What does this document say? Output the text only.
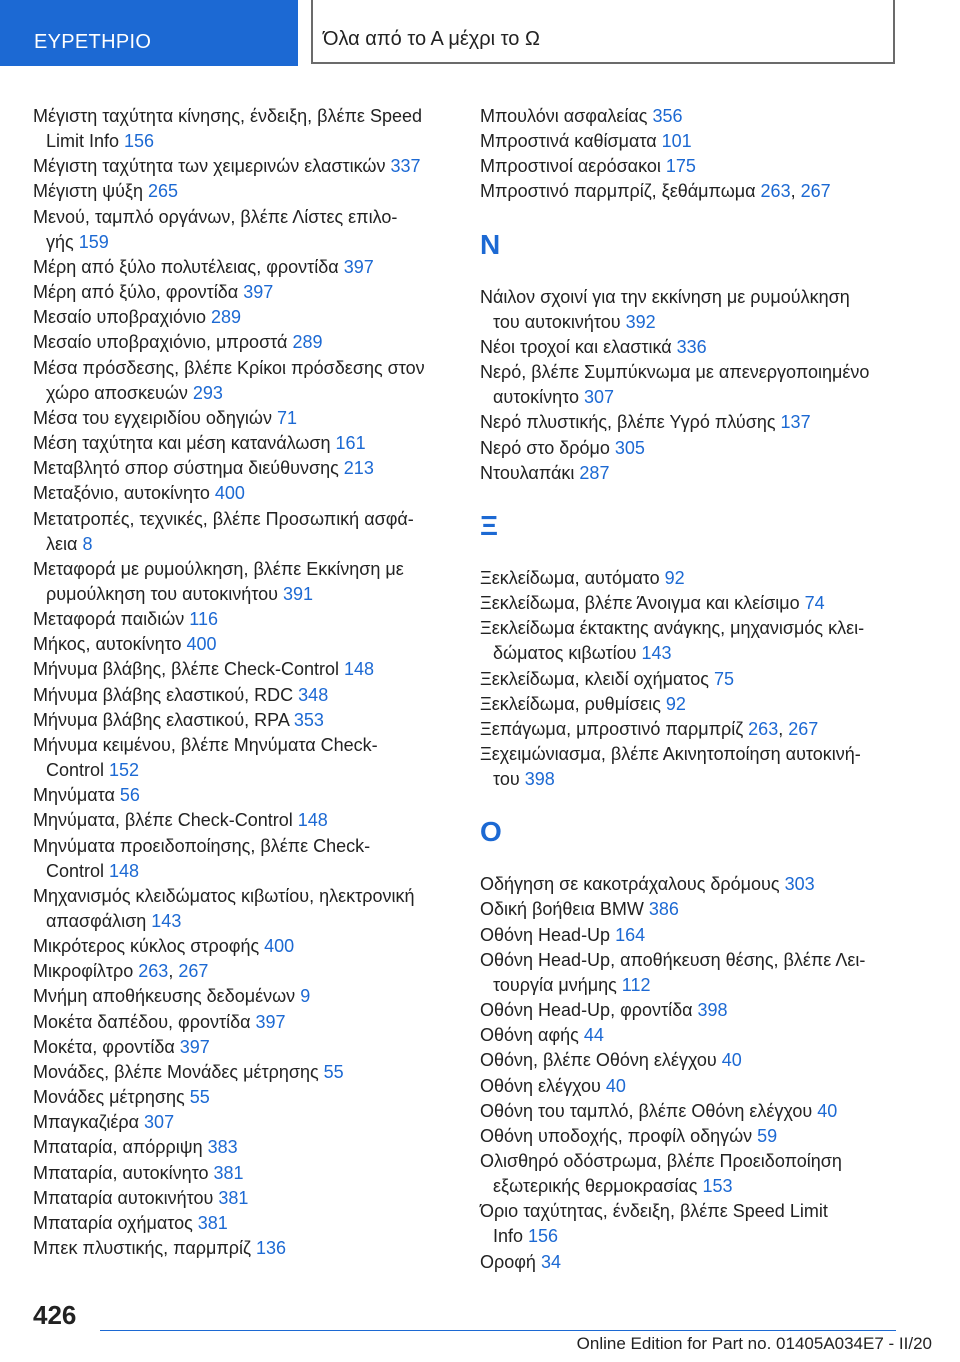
ΕΥΡΕΤΗΡΙΟ	Όλα από το Α μέχρι το Ω
Μέγιστη ταχύτητα κίνησης, ένδειξη, βλέπε Speed
Limit Info 156
Μέγιστη ταχύτητα των χειμερινών ελαστικών 337
Μέγιστη ψύξη 265
Μενού, ταμπλό οργάνων, βλέπε Λίστες επιλο-
γής 159
Μέρη από ξύλο πολυτέλειας, φροντίδα 397
Μέρη από ξύλο, φροντίδα 397
Μεσαίο υποβραχιόνιο 289
Μεσαίο υποβραχιόνιο, μπροστά 289
Μέσα πρόσδεσης, βλέπε Κρίκοι πρόσδεσης στον
χώρο αποσκευών 293
Μέσα του εγχειριδίου οδηγιών 71
Μέση ταχύτητα και μέση κατανάλωση 161
Μεταβλητό σπορ σύστημα διεύθυνσης 213
Μεταξόνιο, αυτοκίνητο 400
Μετατροπές, τεχνικές, βλέπε Προσωπική ασφά-
λεια 8
Μεταφορά με ρυμούλκηση, βλέπε Εκκίνηση με
ρυμούλκηση του αυτοκινήτου 391
Μεταφορά παιδιών 116
Μήκος, αυτοκίνητο 400
Μήνυμα βλάβης, βλέπε Check-Control 148
Μήνυμα βλάβης ελαστικού, RDC 348
Μήνυμα βλάβης ελαστικού, RPA 353
Μήνυμα κειμένου, βλέπε Μηνύματα Check-
Control 152
Μηνύματα 56
Μηνύματα, βλέπε Check-Control 148
Μηνύματα προειδοποίησης, βλέπε Check-
Control 148
Μηχανισμός κλειδώματος κιβωτίου, ηλεκτρονική
απασφάλιση 143
Μικρότερος κύκλος στροφής 400
Μικροφίλτρο 263, 267
Μνήμη αποθήκευσης δεδομένων 9
Μοκέτα δαπέδου, φροντίδα 397
Μοκέτα, φροντίδα 397
Μονάδες, βλέπε Μονάδες μέτρησης 55
Μονάδες μέτρησης 55
Μπαγκαζιέρα 307
Μπαταρία, απόρριψη 383
Μπαταρία, αυτοκίνητο 381
Μπαταρία αυτοκινήτου 381
Μπαταρία οχήματος 381
Μπεκ πλυστικής, παρμπρίζ 136
Μπουλόνι ασφαλείας 356
Μπροστινά καθίσματα 101
Μπροστινοί αερόσακοι 175
Μπροστινό παρμπρίζ, ξεθάμπωμα 263, 267
Ν
Νάιλον σχοινί για την εκκίνηση με ρυμούλκηση
του αυτοκινήτου 392
Νέοι τροχοί και ελαστικά 336
Νερό, βλέπε Συμπύκνωμα με απενεργοποιημένο
αυτοκίνητο 307
Νερό πλυστικής, βλέπε Υγρό πλύσης 137
Νερό στο δρόμο 305
Ντουλαπάκι 287
Ξ
Ξεκλείδωμα, αυτόματο 92
Ξεκλείδωμα, βλέπε Άνοιγμα και κλείσιμο 74
Ξεκλείδωμα έκτακτης ανάγκης, μηχανισμός κλει-
δώματος κιβωτίου 143
Ξεκλείδωμα, κλειδί οχήματος 75
Ξεκλείδωμα, ρυθμίσεις 92
Ξεπάγωμα, μπροστινό παρμπρίζ 263, 267
Ξεχειμώνιασμα, βλέπε Ακινητοποίηση αυτοκινή-
του 398
Ο
Οδήγηση σε κακοτράχαλους δρόμους 303
Οδική βοήθεια BMW 386
Οθόνη Head-Up 164
Οθόνη Head-Up, αποθήκευση θέσης, βλέπε Λει-
τουργία μνήμης 112
Οθόνη Head-Up, φροντίδα 398
Οθόνη αφής 44
Οθόνη, βλέπε Οθόνη ελέγχου 40
Οθόνη ελέγχου 40
Οθόνη του ταμπλό, βλέπε Οθόνη ελέγχου 40
Οθόνη υποδοχής, προφίλ οδηγών 59
Ολισθηρό οδόστρωμα, βλέπε Προειδοποίηση
εξωτερικής θερμοκρασίας 153
Όριο ταχύτητας, ένδειξη, βλέπε Speed Limit
Info 156
Οροφή 34
426
Online Edition for Part no. 01405A034E7 - II/20
